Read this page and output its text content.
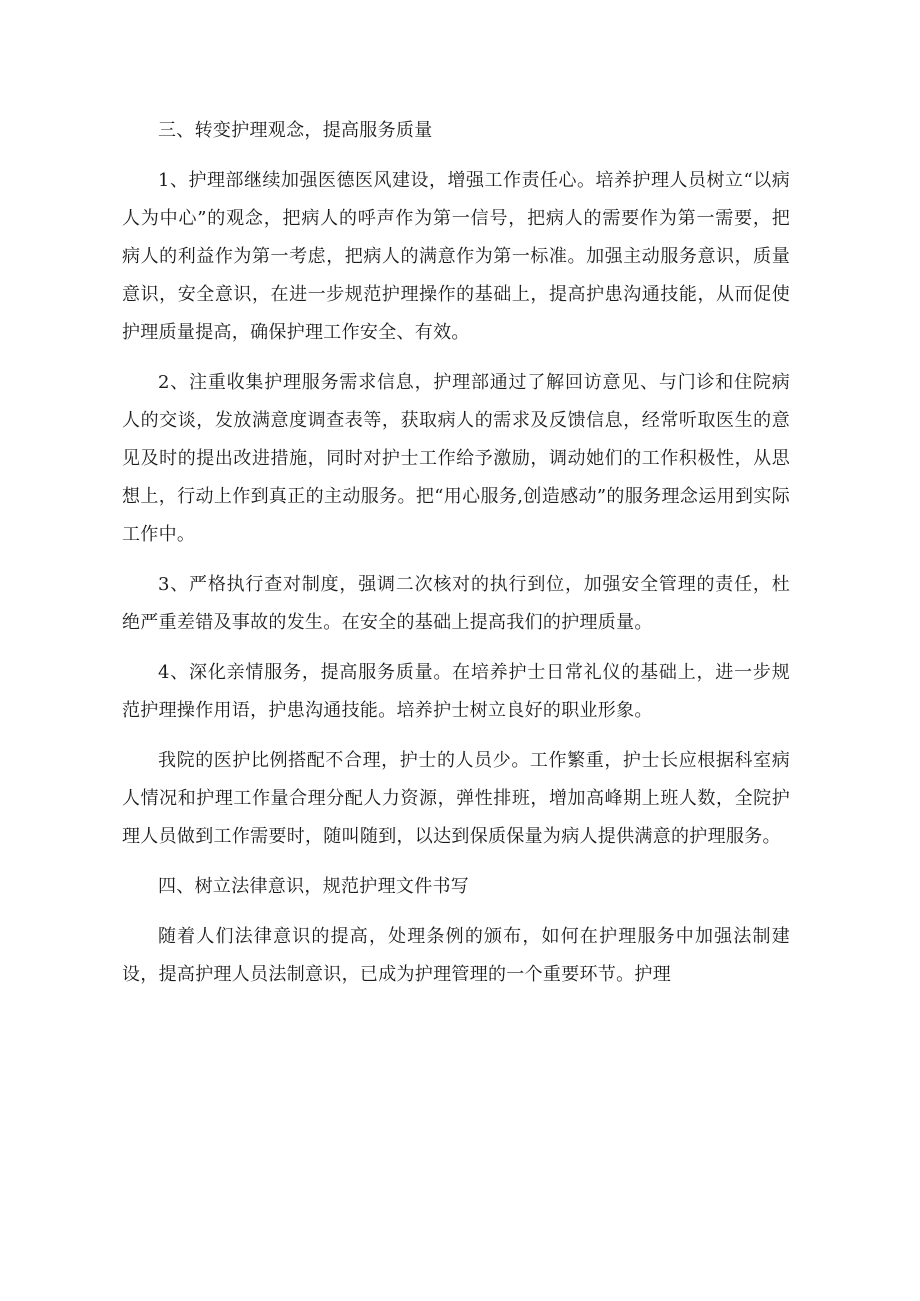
三、转变护理观念，提高服务质量

1、护理部继续加强医德医风建设，增强工作责任心。培养护理人员树立“以病人为中心”的观念，把病人的呼声作为第一信号，把病人的需要作为第一需要，把病人的利益作为第一考虑，把病人的满意作为第一标准。加强主动服务意识，质量意识，安全意识，在进一步规范护理操作的基础上，提高护患沟通技能，从而促使护理质量提高，确保护理工作安全、有效。

2、注重收集护理服务需求信息，护理部通过了解回访意见、与门诊和住院病人的交谈，发放满意度调查表等，获取病人的需求及反馈信息，经常听取医生的意见及时的提出改进措施，同时对护士工作给予激励，调动她们的工作积极性，从思想上，行动上作到真正的主动服务。把“用心服务,创造感动”的服务理念运用到实际工作中。

3、严格执行查对制度，强调二次核对的执行到位，加强安全管理的责任，杜绝严重差错及事故的发生。在安全的基础上提高我们的护理质量。

4、深化亲情服务，提高服务质量。在培养护士日常礼仪的基础上，进一步规范护理操作用语，护患沟通技能。培养护士树立良好的职业形象。

我院的医护比例搭配不合理，护士的人员少。工作繁重，护士长应根据科室病人情况和护理工作量合理分配人力资源，弹性排班，增加高峰期上班人数，全院护理人员做到工作需要时，随叫随到，以达到保质保量为病人提供满意的护理服务。

四、树立法律意识，规范护理文件书写

随着人们法律意识的提高，处理条例的颁布，如何在护理服务中加强法制建设，提高护理人员法制意识，已成为护理管理的一个重要环节。护理
